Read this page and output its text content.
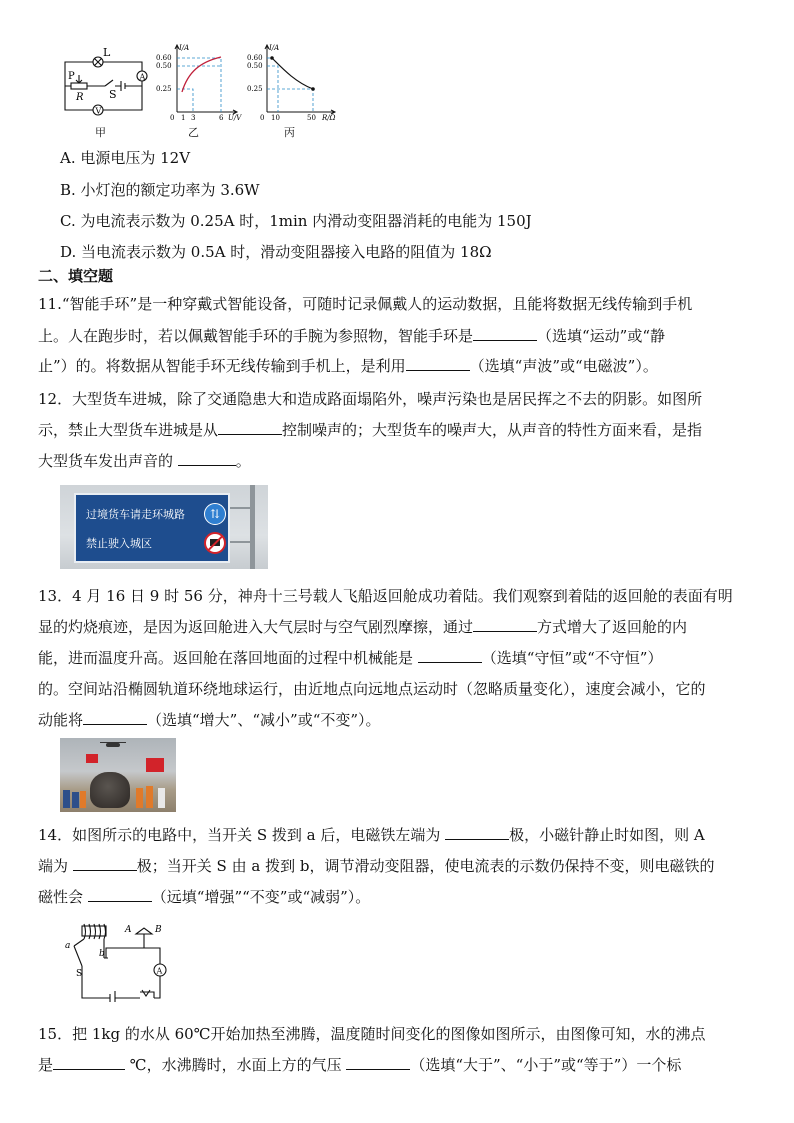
L
A
V
P
R S
甲
I/A
0.60
0.50
0.25
0 1 3	6 U/V
乙
I/A
0.60
0.50
0.25
0 10	50 R/Ω
丙
A. 电源电压为 12V
B. 小灯泡的额定功率为 3.6W
C. 为电流表示数为 0.25A 时，1min 内滑动变阻器消耗的电能为 150J
D. 当电流表示数为 0.5A 时，滑动变阻器接入电路的阻值为 18Ω
二、填空题
11.“智能手环”是一种穿戴式智能设备，可随时记录佩戴人的运动数据，且能将数据无线传输到手机
上。人在跑步时，若以佩戴智能手环的手腕为参照物，智能手环是	（选填“运动”或“静
止”）的。将数据从智能手环无线传输到手机上，是利用	（选填“声波”或“电磁波”）。
12．大型货车进城，除了交通隐患大和造成路面塌陷外，噪声污染也是居民挥之不去的阴影。如图所
示，禁止大型货车进城是从	控制噪声的；大型货车的噪声大，从声音的特性方面来看，是指
大型货车发出声音的	。
过境货车请走环城路
禁止驶入城区
⇅
13．4 月 16 日 9 时 56 分，神舟十三号载人飞船返回舱成功着陆。我们观察到着陆的返回舱的表面有明
显的灼烧痕迹，是因为返回舱进入大气层时与空气剧烈摩擦，通过	方式增大了返回舱的内
能，进而温度升高。返回舱在落回地面的过程中机械能是	（选填“守恒”或“不守恒”）
的。空间站沿椭圆轨道环绕地球运行，由近地点向远地点运动时（忽略质量变化），速度会减小，它的
动能将	（选填“增大”、“减小”或“不变”）。
14．如图所示的电路中，当开关 S 拨到 a 后，电磁铁左端为	极，小磁针静止时如图，则 A
端为	极；当开关 S 由 a 拨到 b，调节滑动变阻器，使电流表的示数仍保持不变，则电磁铁的
磁性会	（远填“增强”“不变”或“减弱”）。
a
b
S
A	B
A
15．把 1kg 的水从 60℃开始加热至沸腾，温度随时间变化的图像如图所示，由图像可知，水的沸点
是	℃，水沸腾时，水面上方的气压	（选填“大于”、“小于”或“等于”）一个标
